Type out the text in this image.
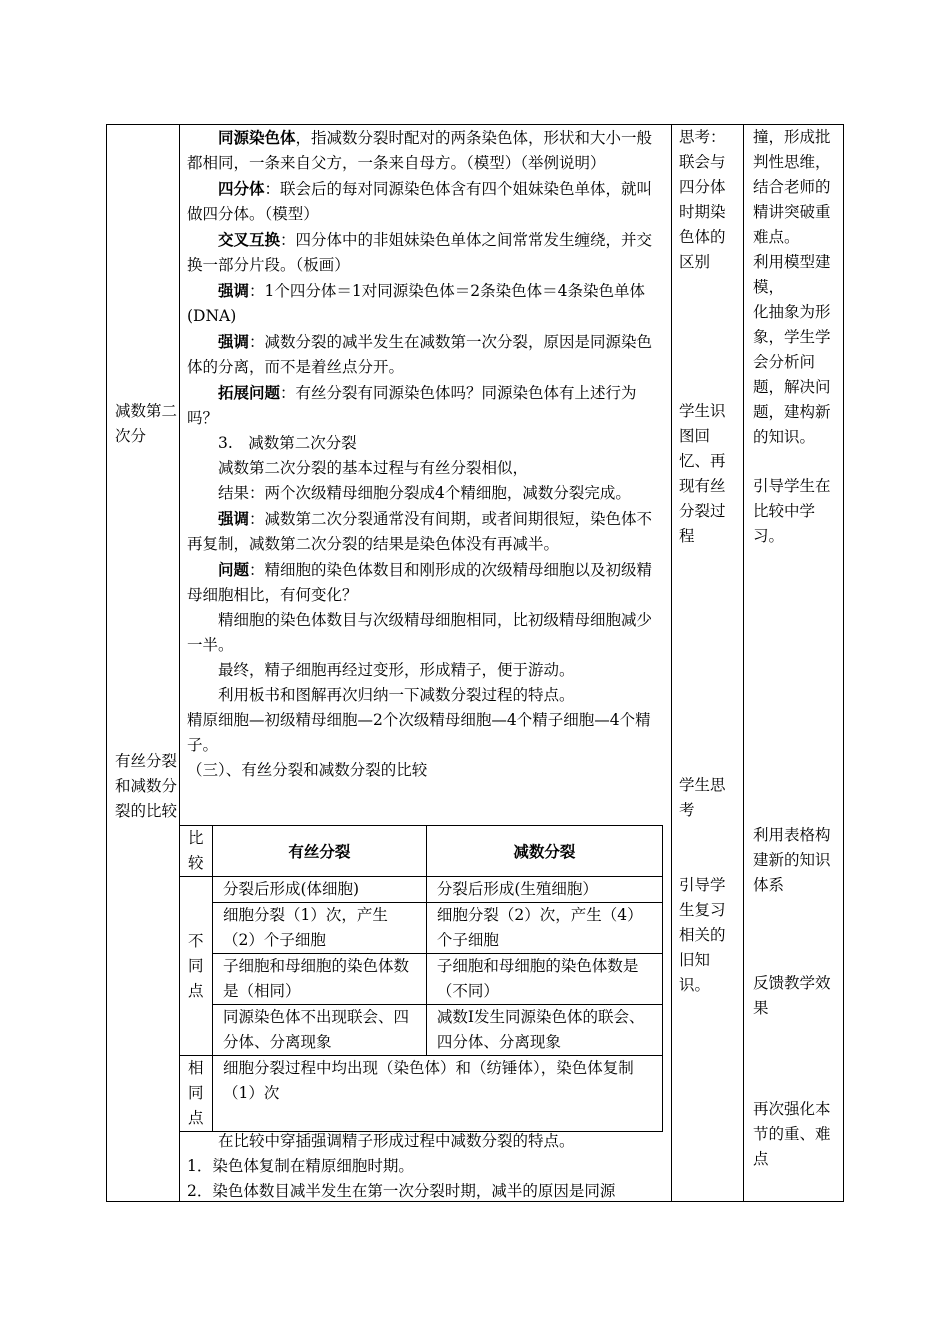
减数第二次分
有丝分裂和减数分裂的比较

同源染色体，指减数分裂时配对的两条染色体，形状和大小一般都相同，一条来自父方，一条来自母方。（模型）（举例说明）

四分体：联会后的每对同源染色体含有四个姐妹染色单体，就叫做四分体。（模型）

交叉互换：四分体中的非姐妹染色单体之间常常发生缠绕，并交换一部分片段。（板画）

强调：1个四分体＝1对同源染色体＝2条染色体＝4条染色单体(DNA)

强调：减数分裂的减半发生在减数第一次分裂，原因是同源染色体的分离，而不是着丝点分开。

拓展问题：有丝分裂有同源染色体吗？同源染色体有上述行为吗？

3.　减数第二次分裂

减数第二次分裂的基本过程与有丝分裂相似，

结果：两个次级精母细胞分裂成4个精细胞，减数分裂完成。

强调：减数第二次分裂通常没有间期，或者间期很短，染色体不再复制，减数第二次分裂的结果是染色体没有再减半。

问题：精细胞的染色体数目和刚形成的次级精母细胞以及初级精母细胞相比，有何变化？

精细胞的染色体数目与次级精母细胞相同，比初级精母细胞减少一半。

最终，精子细胞再经过变形，形成精子，便于游动。

利用板书和图解再次归纳一下减数分裂过程的特点。

精原细胞—初级精母细胞—2个次级精母细胞—4个精子细胞—4个精子。

（三）、有丝分裂和减数分裂的比较

比较	有丝分裂	减数分裂
不同点	分裂后形成(体细胞)	分裂后形成(生殖细胞）
	细胞分裂（1）次，产生（2）个子细胞	细胞分裂（2）次，产生（4）个子细胞
	子细胞和母细胞的染色体数是（相同）	子细胞和母细胞的染色体数是（不同）
	同源染色体不出现联会、四分体、分离现象	减数Ⅰ发生同源染色体的联会、四分体、分离现象
相同点	细胞分裂过程中均出现（染色体）和（纺锤体），染色体复制（1）次	

在比较中穿插强调精子形成过程中减数分裂的特点。

1．染色体复制在精原细胞时期。

2．染色体数目减半发生在第一次分裂时期，减半的原因是同源

思考：联会与四分体时期染色体的区别
学生识图回忆、再现有丝分裂过程
学生思考
引导学生复习相关的旧知识。
撞，形成批判性思维，结合老师的精讲突破重难点。
利用模型建模，
化抽象为形象，学生学会分析问题，解决问题，建构新的知识。
引导学生在比较中学习。
利用表格构建新的知识体系
反馈教学效果
再次强化本节的重、难点
